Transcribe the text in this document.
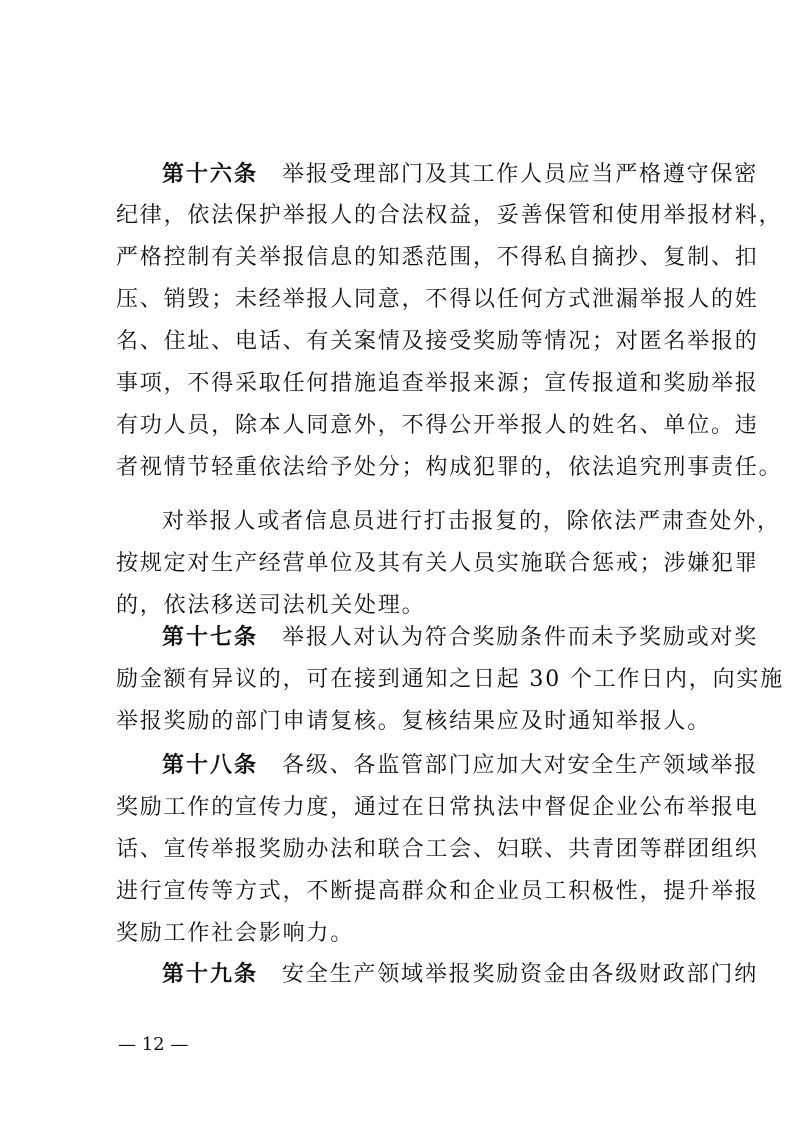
第十六条 举报受理部门及其工作人员应当严格遵守保密
纪律，依法保护举报人的合法权益，妥善保管和使用举报材料，
严格控制有关举报信息的知悉范围，不得私自摘抄、复制、扣
压、销毁；未经举报人同意，不得以任何方式泄漏举报人的姓
名、住址、电话、有关案情及接受奖励等情况；对匿名举报的
事项，不得采取任何措施追查举报来源；宣传报道和奖励举报
有功人员，除本人同意外，不得公开举报人的姓名、单位。违
者视情节轻重依法给予处分；构成犯罪的，依法追究刑事责任。
对举报人或者信息员进行打击报复的，除依法严肃查处外，
按规定对生产经营单位及其有关人员实施联合惩戒；涉嫌犯罪
的，依法移送司法机关处理。
第十七条 举报人对认为符合奖励条件而未予奖励或对奖
励金额有异议的，可在接到通知之日起 30 个工作日内，向实施
举报奖励的部门申请复核。复核结果应及时通知举报人。
第十八条 各级、各监管部门应加大对安全生产领域举报
奖励工作的宣传力度，通过在日常执法中督促企业公布举报电
话、宣传举报奖励办法和联合工会、妇联、共青团等群团组织
进行宣传等方式，不断提高群众和企业员工积极性，提升举报
奖励工作社会影响力。
第十九条 安全生产领域举报奖励资金由各级财政部门纳
— 12 —
